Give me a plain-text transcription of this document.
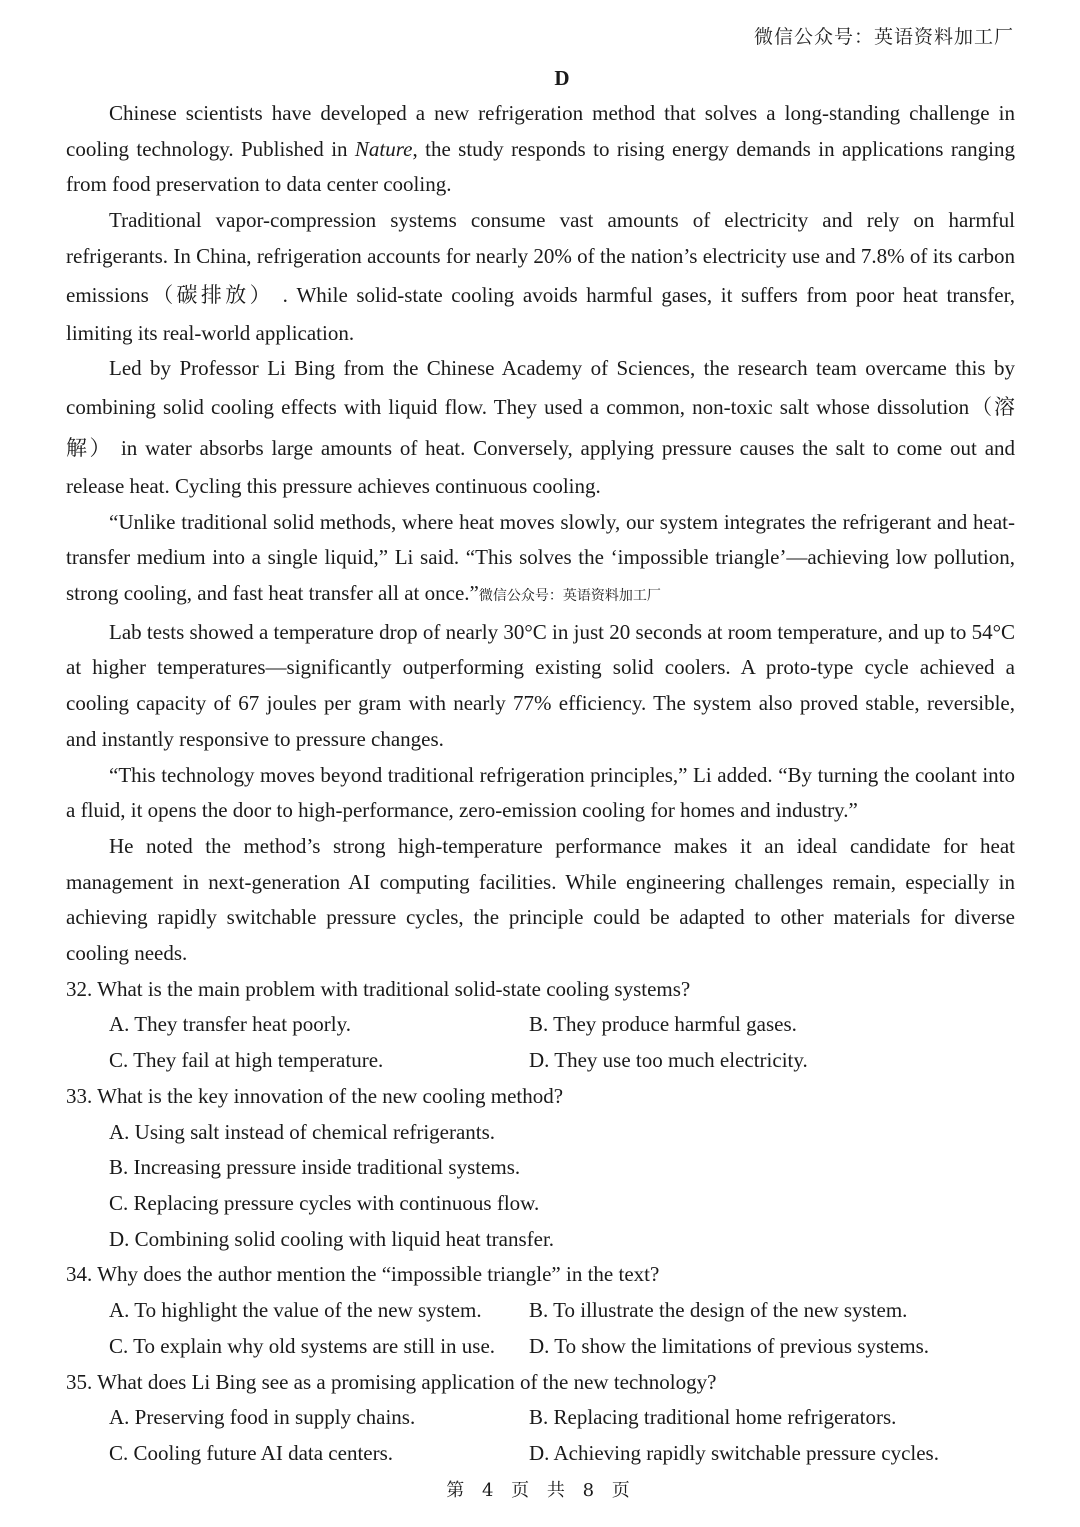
微信公众号：英语资料加工厂
D

Chinese scientists have developed a new refrigeration method that solves a long-standing challenge in cooling technology. Published in Nature, the study responds to rising energy demands in applications ranging from food preservation to data center cooling.

Traditional vapor-compression systems consume vast amounts of electricity and rely on harmful refrigerants. In China, refrigeration accounts for nearly 20% of the nation’s electricity use and 7.8% of its carbon emissions（碳排放） . While solid-state cooling avoids harmful gases, it suffers from poor heat transfer, limiting its real-world application.

Led by Professor Li Bing from the Chinese Academy of Sciences, the research team overcame this by combining solid cooling effects with liquid flow. They used a common, non-toxic salt whose dissolution（溶解） in water absorbs large amounts of heat. Conversely, applying pressure causes the salt to come out and release heat. Cycling this pressure achieves continuous cooling.

“Unlike traditional solid methods, where heat moves slowly, our system integrates the refrigerant and heat-transfer medium into a single liquid,” Li said. “This solves the ‘impossible triangle’—achieving low pollution, strong cooling, and fast heat transfer all at once.”微信公众号：英语资料加工厂

Lab tests showed a temperature drop of nearly 30°C in just 20 seconds at room temperature, and up to 54°C at higher temperatures—significantly outperforming existing solid coolers. A proto-type cycle achieved a cooling capacity of 67 joules per gram with nearly 77% efficiency. The system also proved stable, reversible, and instantly responsive to pressure changes.

“This technology moves beyond traditional refrigeration principles,” Li added. “By turning the coolant into a fluid, it opens the door to high-performance, zero-emission cooling for homes and industry.”

He noted the method’s strong high-temperature performance makes it an ideal candidate for heat management in next-generation AI computing facilities. While engineering challenges remain, especially in achieving rapidly switchable pressure cycles, the principle could be adapted to other materials for diverse cooling needs.

32. What is the main problem with traditional solid-state cooling systems?

A. They transfer heat poorly.	B. They produce harmful gases.
C. They fail at high temperature.	D. They use too much electricity.

33. What is the key innovation of the new cooling method?

A. Using salt instead of chemical refrigerants.

B. Increasing pressure inside traditional systems.

C. Replacing pressure cycles with continuous flow.

D. Combining solid cooling with liquid heat transfer.

34. Why does the author mention the “impossible triangle” in the text?

A. To highlight the value of the new system.	B. To illustrate the design of the new system.
C. To explain why old systems are still in use.	D. To show the limitations of previous systems.

35. What does Li Bing see as a promising application of the new technology?

A. Preserving food in supply chains.	B. Replacing traditional home refrigerators.
C. Cooling future AI data centers.	D. Achieving rapidly switchable pressure cycles.
第 4 页 共 8 页
